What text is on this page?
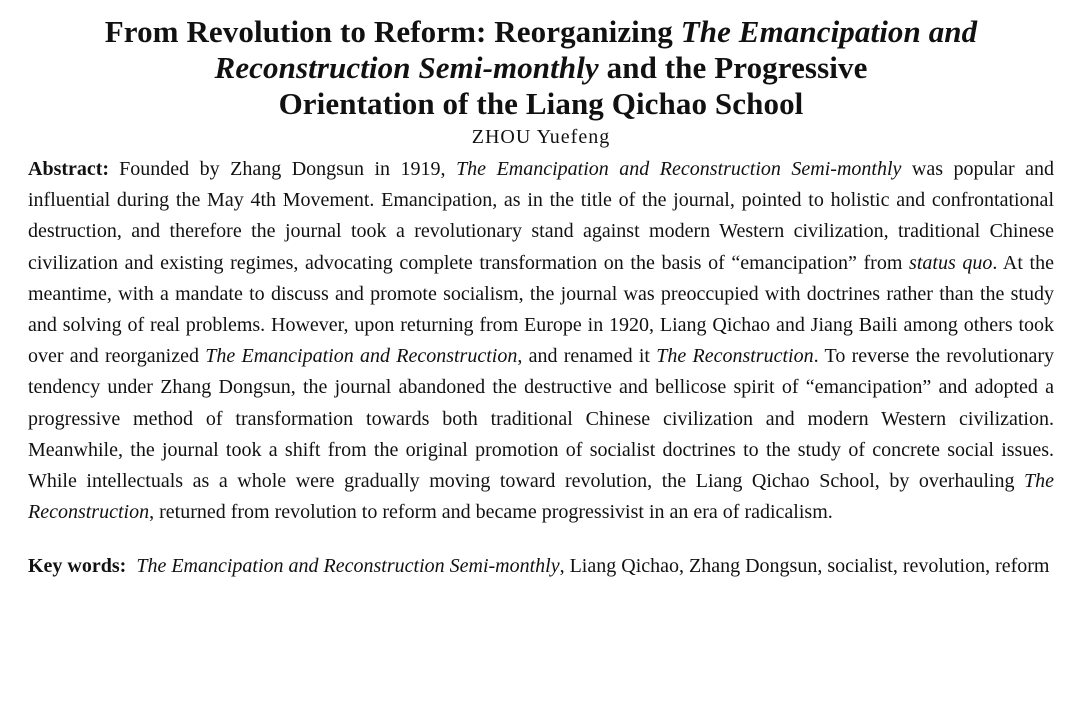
From Revolution to Reform: Reorganizing The Emancipation and
Reconstruction Semi-monthly and the Progressive
Orientation of the Liang Qichao School
ZHOU Yuefeng

Abstract: Founded by Zhang Dongsun in 1919, The Emancipation and Reconstruction Semi-monthly was popular and influential during the May 4th Movement. Emancipation, as in the title of the journal, pointed to holistic and confrontational destruction, and therefore the journal took a revolutionary stand against modern Western civilization, traditional Chinese civilization and existing regimes, advocating complete transformation on the basis of “emancipation” from status quo. At the meantime, with a mandate to discuss and promote socialism, the journal was preoccupied with doctrines rather than the study and solving of real problems. However, upon returning from Europe in 1920, Liang Qichao and Jiang Baili among others took over and reorganized The Emancipation and Reconstruction, and renamed it The Reconstruction. To reverse the revolutionary tendency under Zhang Dongsun, the journal abandoned the destructive and bellicose spirit of “emancipation” and adopted a progressive method of transformation towards both traditional Chinese civilization and modern Western civilization. Meanwhile, the journal took a shift from the original promotion of socialist doctrines to the study of concrete social issues. While intellectuals as a whole were gradually moving toward revolution, the Liang Qichao School, by overhauling The Reconstruction, returned from revolution to reform and became progressivist in an era of radicalism.

Key words: The Emancipation and Reconstruction Semi-monthly, Liang Qichao, Zhang Dongsun, socialist, revolution, reform
